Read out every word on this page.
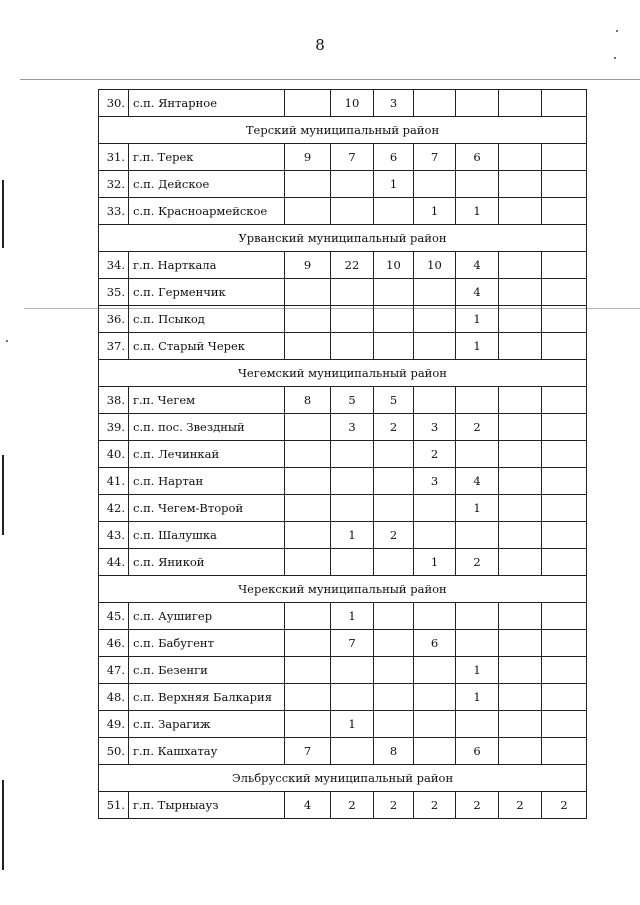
8
30.	с.п. Янтарное		10	3				
Терский муниципальный район								
31.	г.п. Терек	9	7	6	7	6		
32.	с.п. Дейское			1				
33.	с.п. Красноармейское				1	1		
Урванский муниципальный район								
34.	г.п. Нарткала	9	22	10	10	4		
35.	с.п. Герменчик					4		
36.	с.п. Псыкод					1		
37.	с.п. Старый Черек					1		
Чегемский муниципальный район								
38.	г.п. Чегем	8	5	5				
39.	с.п. пос. Звездный		3	2	3	2		
40.	с.п. Лечинкай				2			
41.	с.п. Нартан				3	4		
42.	с.п. Чегем-Второй					1		
43.	с.п. Шалушка		1	2				
44.	с.п. Яникой				1	2		
Черекский муниципальный район								
45.	с.п. Аушигер		1					
46.	с.п. Бабугент		7		6			
47.	с.п. Безенги					1		
48.	с.п. Верхняя Балкария					1		
49.	с.п. Зарагиж		1					
50.	г.п. Кашхатау	7		8		6		
Эльбрусский муниципальный район								
51.	г.п. Тырныауз	4	2	2	2	2	2	2
